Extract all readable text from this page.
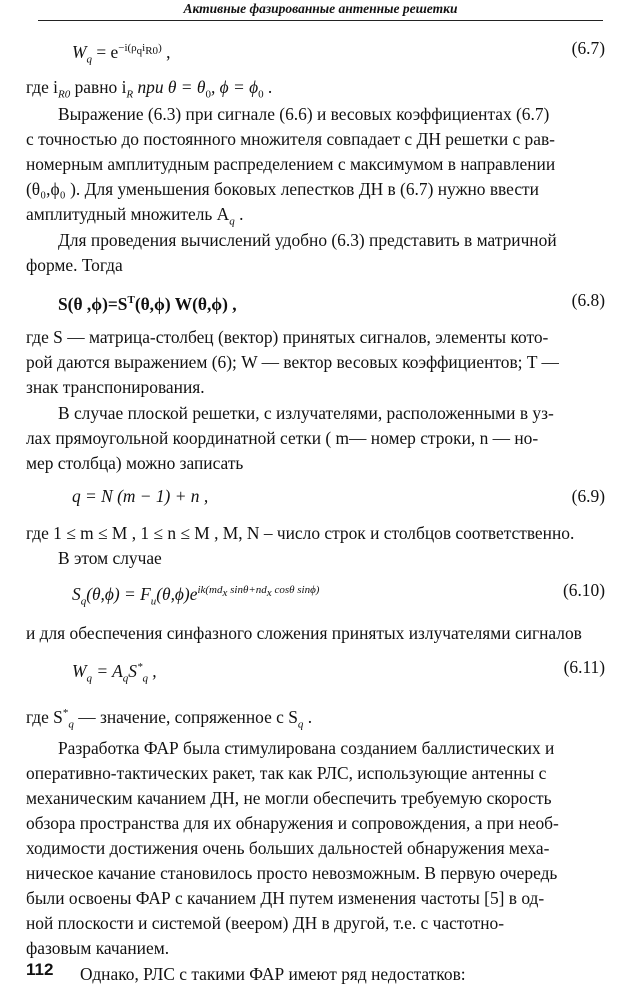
Активные фазированные антенные решетки
$W_q = e^{-i(\rho_qi_{R0})}$ ,	(6.7)
где $i_{R0}$ равно $i_R$ при $\theta = \theta_0$, $\phi = \phi_0$ .
Выражение (6.3) при сигнале (6.6) и весовых коэффициентах (6.7)
с точностью до постоянного множителя совпадает с ДН решетки с рав-
номерным амплитудным распределением с максимумом в направлении
(θ₀,ϕ₀ ). Для уменьшения боковых лепестков ДН в (6.7) нужно ввести
амплитудный множитель $A_q$ .
Для проведения вычислений удобно (6.3) представить в матричной
форме. Тогда
S(θ $,\phi)=S^T(\theta,\phi)$ W(θ,ϕ) ,	(6.8)
где S — матрица-столбец (вектор) принятых сигналов, элементы кото-
рой даются выражением (6); W — вектор весовых коэффициентов; T —
знак транспонирования.
В случае плоской решетки, с излучателями, расположенными в уз-
лах прямоугольной координатной сетки ( m— номер строки, n — но-
мер столбца) можно записать
q = N (m − 1) + n ,	(6.9)
где 1 ≤ m ≤ M , 1 ≤ n ≤ M , M, N – число строк и столбцов соответственно.
В этом случае
$S_q(\theta,\phi) = F_и(\theta,\phi)e^{ik(md_x sin\theta+nd_x cos\theta sin\phi)}$	(6.10)
и для обеспечения синфазного сложения принятых излучателями сигналов
$W_q = A_qS^*_q$ ,	(6.11)
где $S^*_q$ — значение, сопряженное с $S_q$ .
Разработка ФАР была стимулирована созданием баллистических и
оперативно-тактических ракет, так как РЛС, использующие антенны с
механическим качанием ДН, не могли обеспечить требуемую скорость
обзора пространства для их обнаружения и сопровождения, а при необ-
ходимости достижения очень больших дальностей обнаружения меха-
ническое качание становилось просто невозможным. В первую очередь
были освоены ФАР с качанием ДН путем изменения частоты [5] в од-
ной плоскости и системой (веером) ДН в другой, т.е. с частотно-
фазовым качанием.
Однако, РЛС с такими ФАР имеют ряд недостатков:
112
